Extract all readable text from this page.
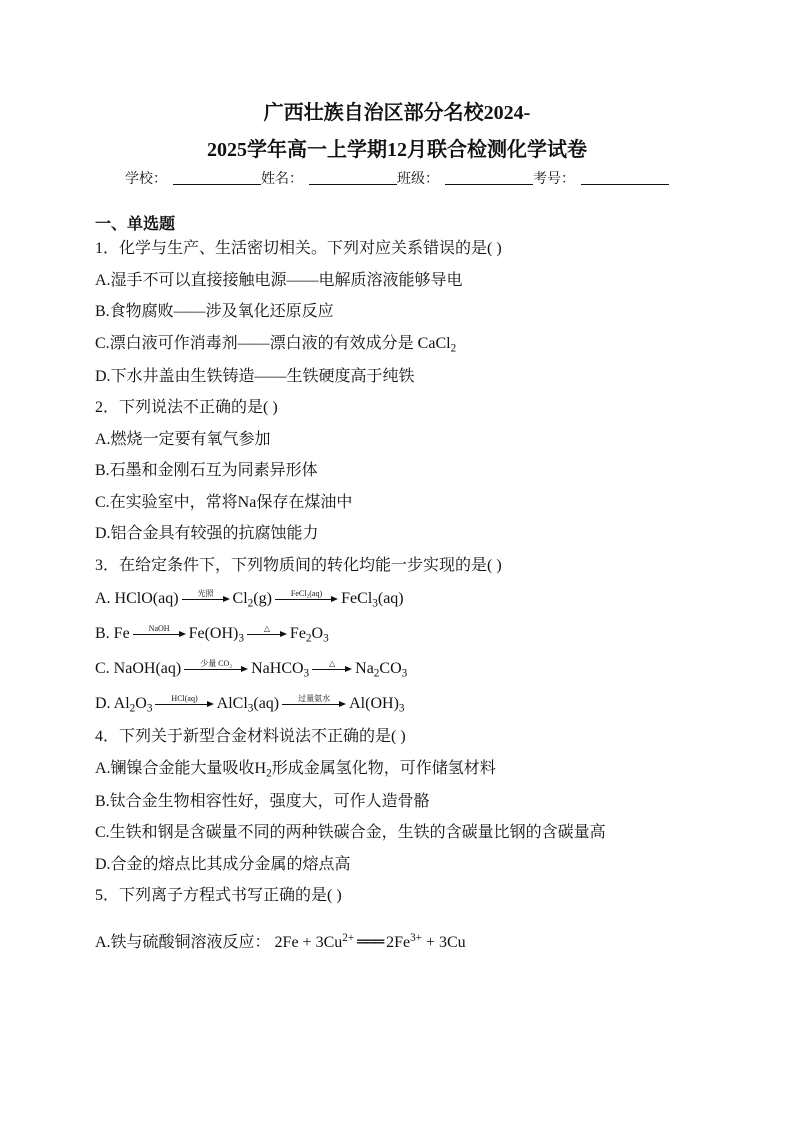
广西壮族自治区部分名校2024-
2025学年高一上学期12月联合检测化学试卷
学校：	姓名：	班级：	考号：
一、单选题
1．化学与生产、生活密切相关。下列对应关系错误的是( )
A.湿手不可以直接接触电源——电解质溶液能够导电
B.食物腐败——涉及氧化还原反应
C.漂白液可作消毒剂——漂白液的有效成分是 CaCl$_2$
D.下水井盖由生铁铸造——生铁硬度高于纯铁
2．下列说法不正确的是( )
A.燃烧一定要有氧气参加
B.石墨和金刚石互为同素异形体
C.在实验室中，常将Na保存在煤油中
D.铝合金具有较强的抗腐蚀能力
3．在给定条件下，下列物质间的转化均能一步实现的是( )
A. HClO(aq) 光照 $Cl_2(g)$ FeCl₂(aq) FeCl$_3$(aq)
B. Fe NaOH $Fe(OH)_3$
△ $Fe_2O_3$
C. NaOH(aq) 少量 CO₂ NaHCO$_3$
△ $Na_2CO_3$
D. $Al_2O_3$
HCl(aq) AlCl$_3$(aq) 过量氨水 $Al(OH)_3$
4．下列关于新型合金材料说法不正确的是( )
A.镧镍合金能大量吸收$H_2$形成金属氢化物，可作储氢材料
B.钛合金生物相容性好，强度大，可作人造骨骼
C.生铁和钢是含碳量不同的两种铁碳合金，生铁的含碳量比钢的含碳量高
D.合金的熔点比其成分金属的熔点高
5．下列离子方程式书写正确的是( )
A.铁与硫酸铜溶液反应： $2Fe + 3Cu^{2+}$ ═══ $2Fe^{3+} + 3Cu$
